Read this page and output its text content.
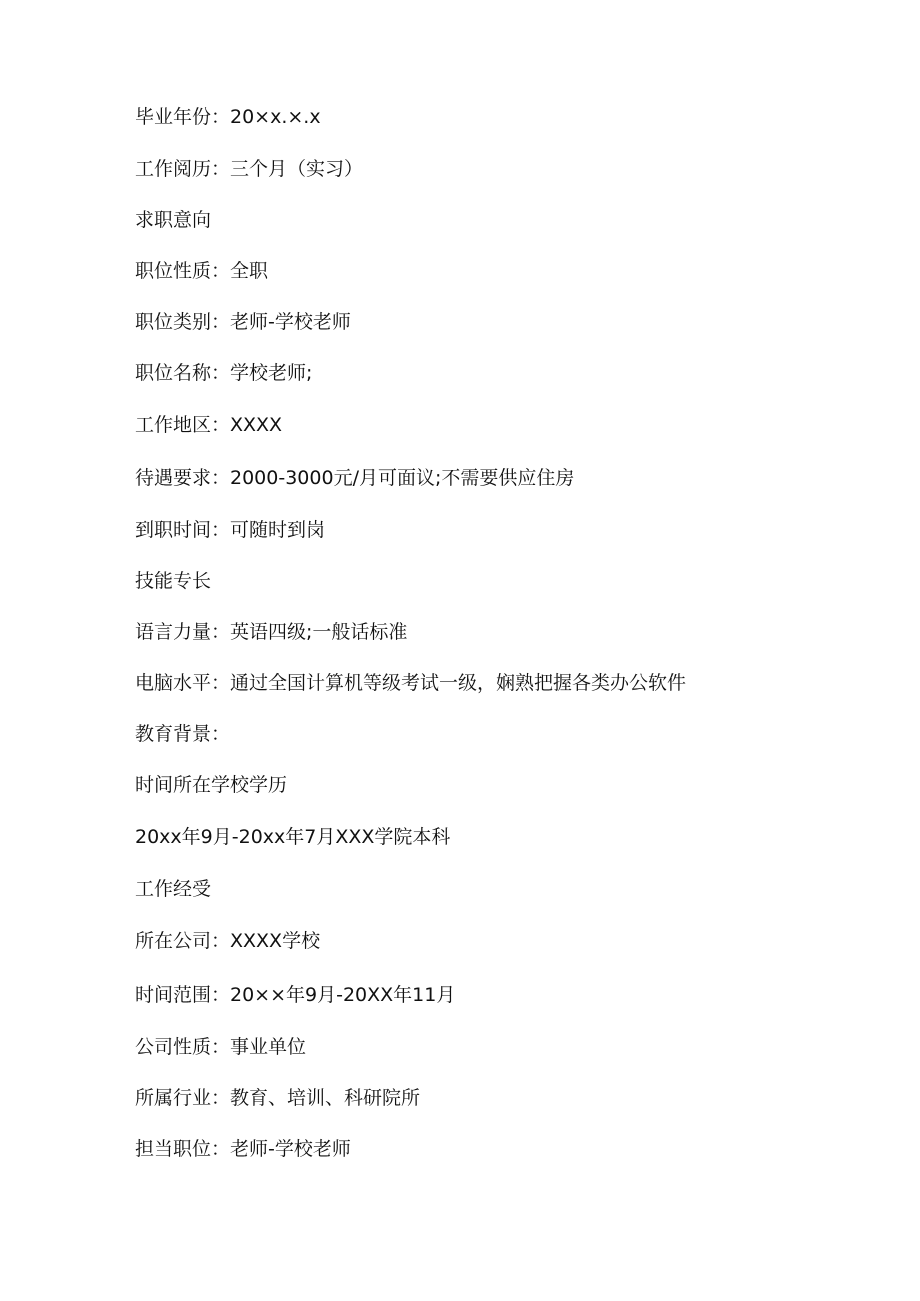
毕业年份：20×x.×.x
工作阅历：三个月（实习）
求职意向
职位性质：全职
职位类别：老师-学校老师
职位名称：学校老师;
工作地区：XXXX
待遇要求：2000-3000元/月可面议;不需要供应住房
到职时间：可随时到岗
技能专长
语言力量：英语四级;一般话标准
电脑水平：通过全国计算机等级考试一级，娴熟把握各类办公软件
教育背景：
时间所在学校学历
20xx年9月-20xx年7月XXX学院本科
工作经受
所在公司：XXXX学校
时间范围：20××年9月-20XX年11月
公司性质：事业单位
所属行业：教育、培训、科研院所
担当职位：老师-学校老师
